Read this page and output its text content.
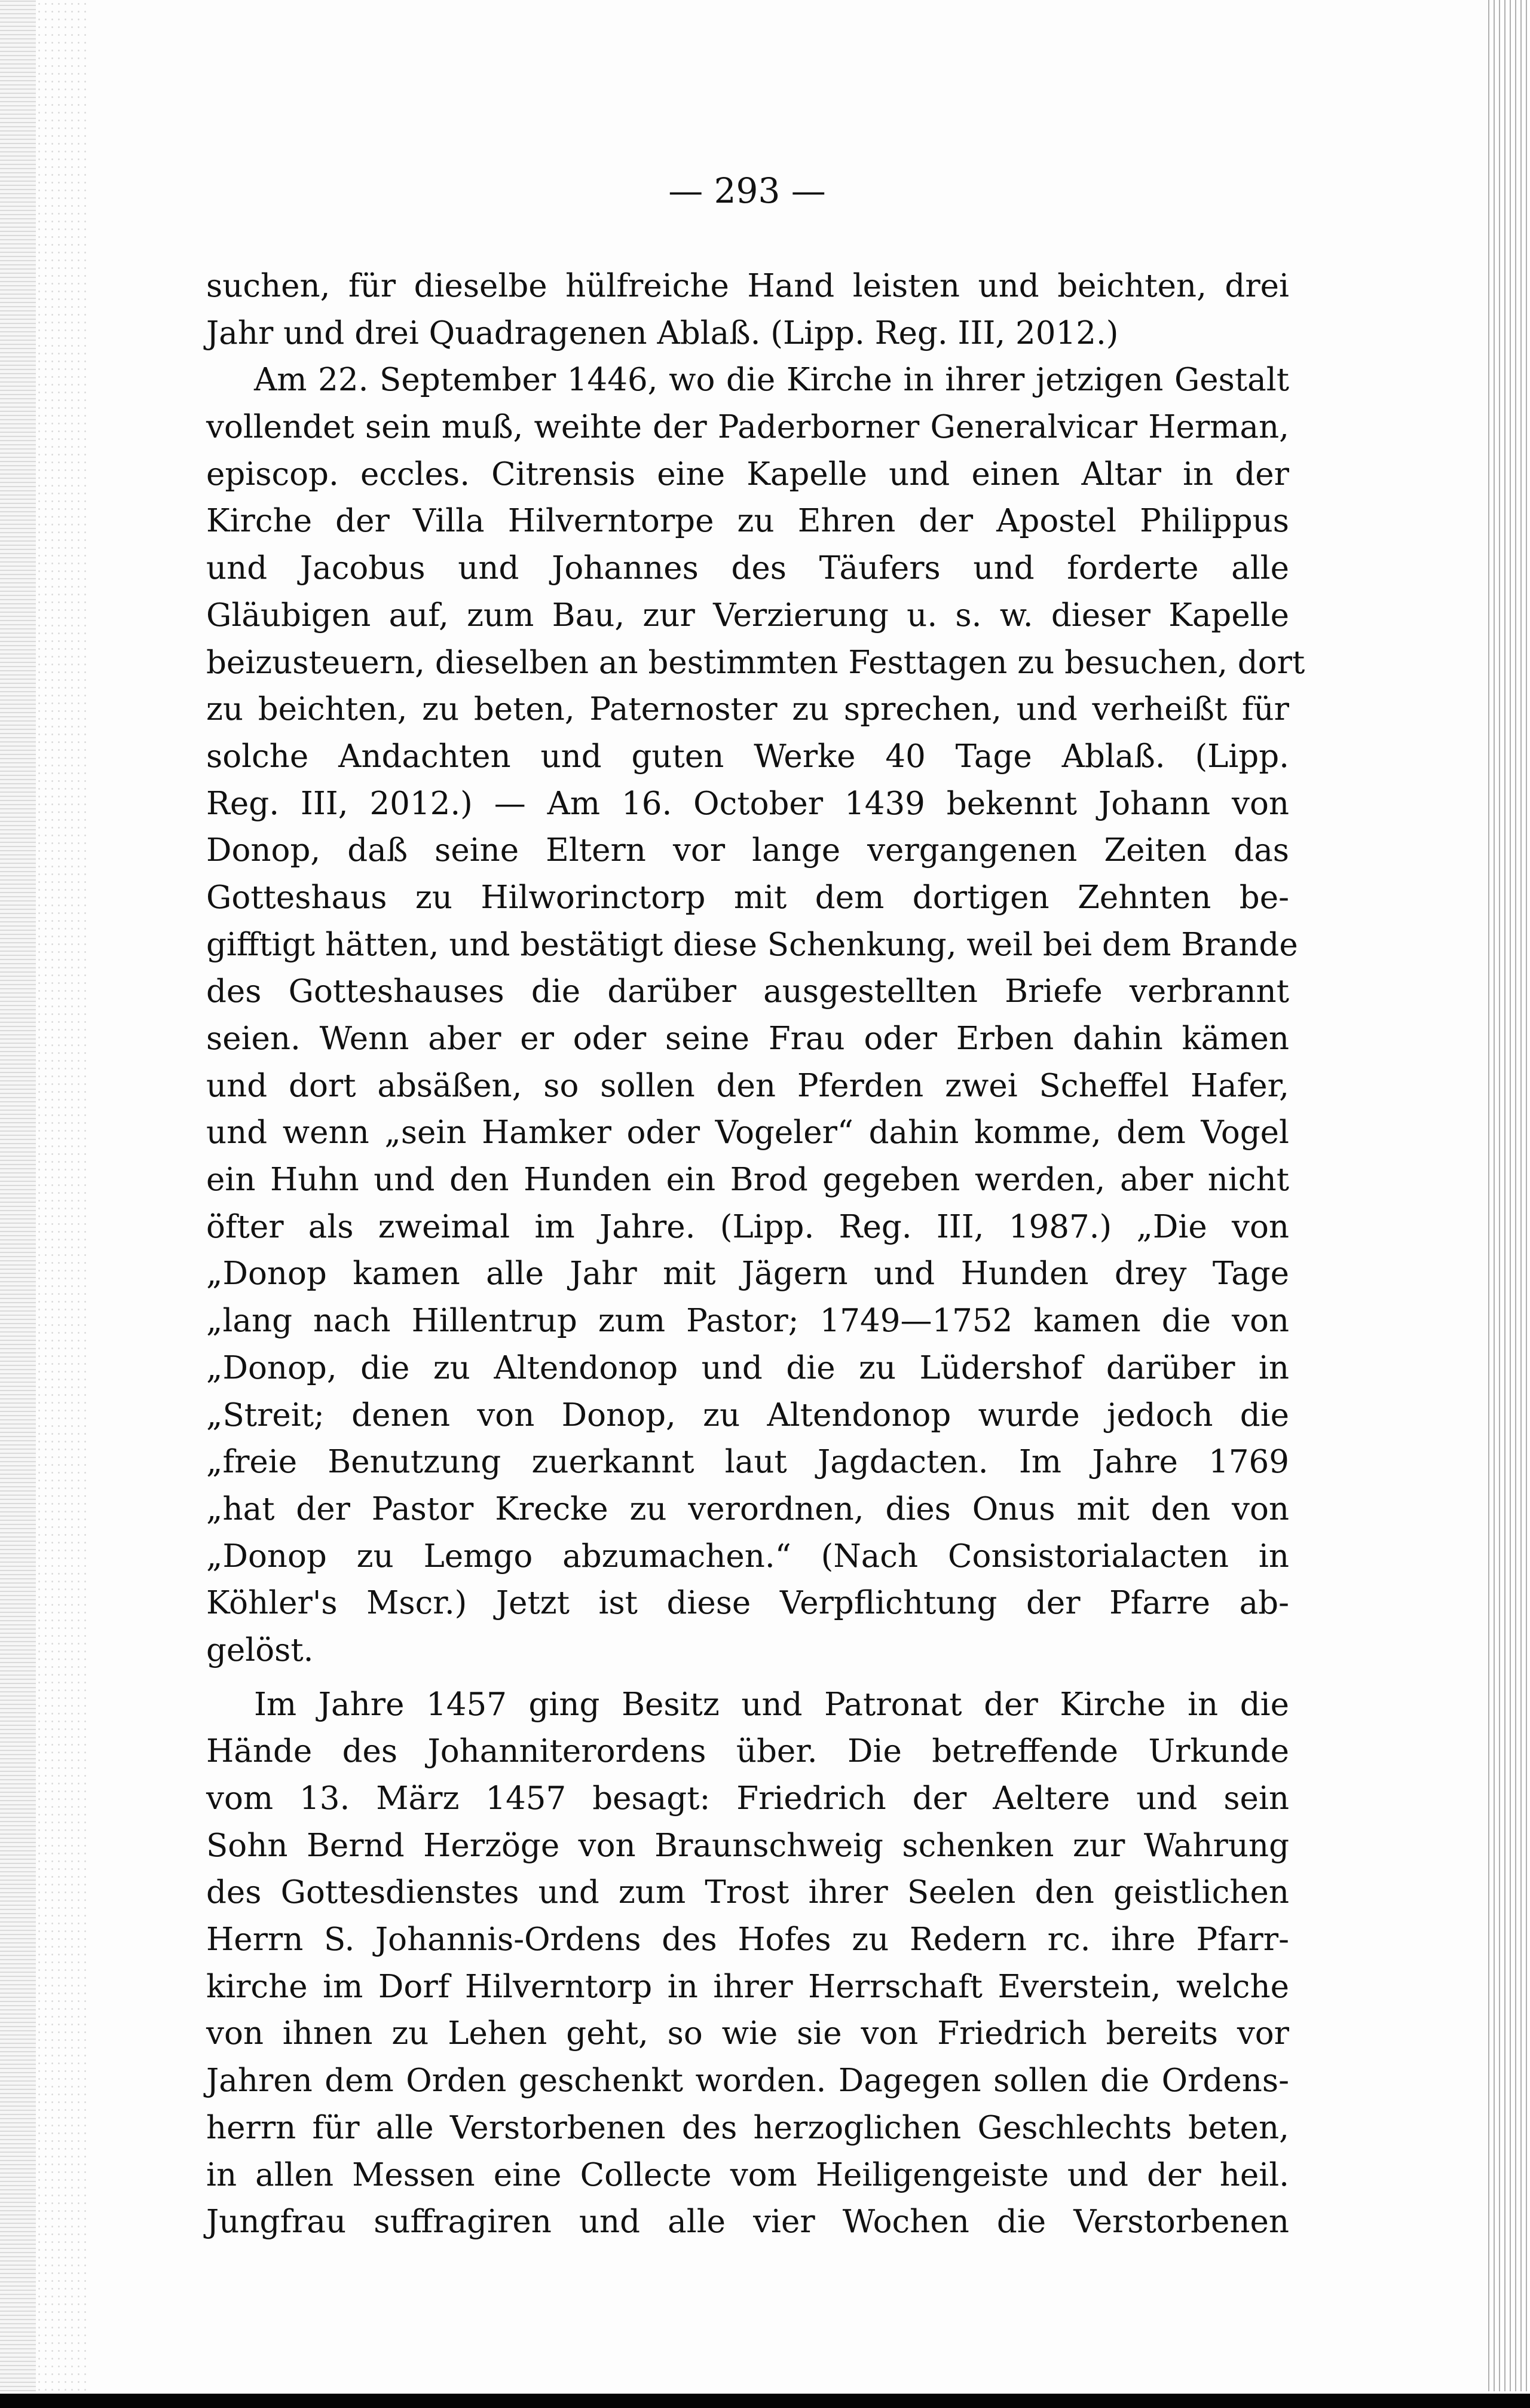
— 293 —
suchen, für dieselbe hülfreiche Hand leisten und beichten, drei
Jahr und drei Quadragenen Ablaß. (Lipp. Reg. III, 2012.)
Am 22. September 1446, wo die Kirche in ihrer jetzigen Gestalt
vollendet sein muß, weihte der Paderborner Generalvicar Herman,
episcop. eccles. Citrensis eine Kapelle und einen Altar in der
Kirche der Villa Hilverntorpe zu Ehren der Apostel Philippus
und Jacobus und Johannes des Täufers und forderte alle
Gläubigen auf, zum Bau, zur Verzierung u. s. w. dieser Kapelle
beizusteuern, dieselben an bestimmten Festtagen zu besuchen, dort
zu beichten, zu beten, Paternoster zu sprechen, und verheißt für
solche Andachten und guten Werke 40 Tage Ablaß. (Lipp.
Reg. III, 2012.) — Am 16. October 1439 bekennt Johann von
Donop, daß seine Eltern vor lange vergangenen Zeiten das
Gotteshaus zu Hilworinctorp mit dem dortigen Zehnten be-
gifftigt hätten, und bestätigt diese Schenkung, weil bei dem Brande
des Gotteshauses die darüber ausgestellten Briefe verbrannt
seien. Wenn aber er oder seine Frau oder Erben dahin kämen
und dort absäßen, so sollen den Pferden zwei Scheffel Hafer,
und wenn „sein Hamker oder Vogeler“ dahin komme, dem Vogel
ein Huhn und den Hunden ein Brod gegeben werden, aber nicht
öfter als zweimal im Jahre. (Lipp. Reg. III, 1987.) „Die von
„Donop kamen alle Jahr mit Jägern und Hunden drey Tage
„lang nach Hillentrup zum Pastor; 1749—1752 kamen die von
„Donop, die zu Altendonop und die zu Lüdershof darüber in
„Streit; denen von Donop, zu Altendonop wurde jedoch die
„freie Benutzung zuerkannt laut Jagdacten. Im Jahre 1769
„hat der Pastor Krecke zu verordnen, dies Onus mit den von
„Donop zu Lemgo abzumachen.“ (Nach Consistorialacten in
Köhler's Mscr.) Jetzt ist diese Verpflichtung der Pfarre ab-
gelöst.
Im Jahre 1457 ging Besitz und Patronat der Kirche in die
Hände des Johanniterordens über. Die betreffende Urkunde
vom 13. März 1457 besagt: Friedrich der Aeltere und sein
Sohn Bernd Herzöge von Braunschweig schenken zur Wahrung
des Gottesdienstes und zum Trost ihrer Seelen den geistlichen
Herrn S. Johannis-Ordens des Hofes zu Redern rc. ihre Pfarr-
kirche im Dorf Hilverntorp in ihrer Herrschaft Everstein, welche
von ihnen zu Lehen geht, so wie sie von Friedrich bereits vor
Jahren dem Orden geschenkt worden. Dagegen sollen die Ordens-
herrn für alle Verstorbenen des herzoglichen Geschlechts beten,
in allen Messen eine Collecte vom Heiligengeiste und der heil.
Jungfrau suffragiren und alle vier Wochen die Verstorbenen
